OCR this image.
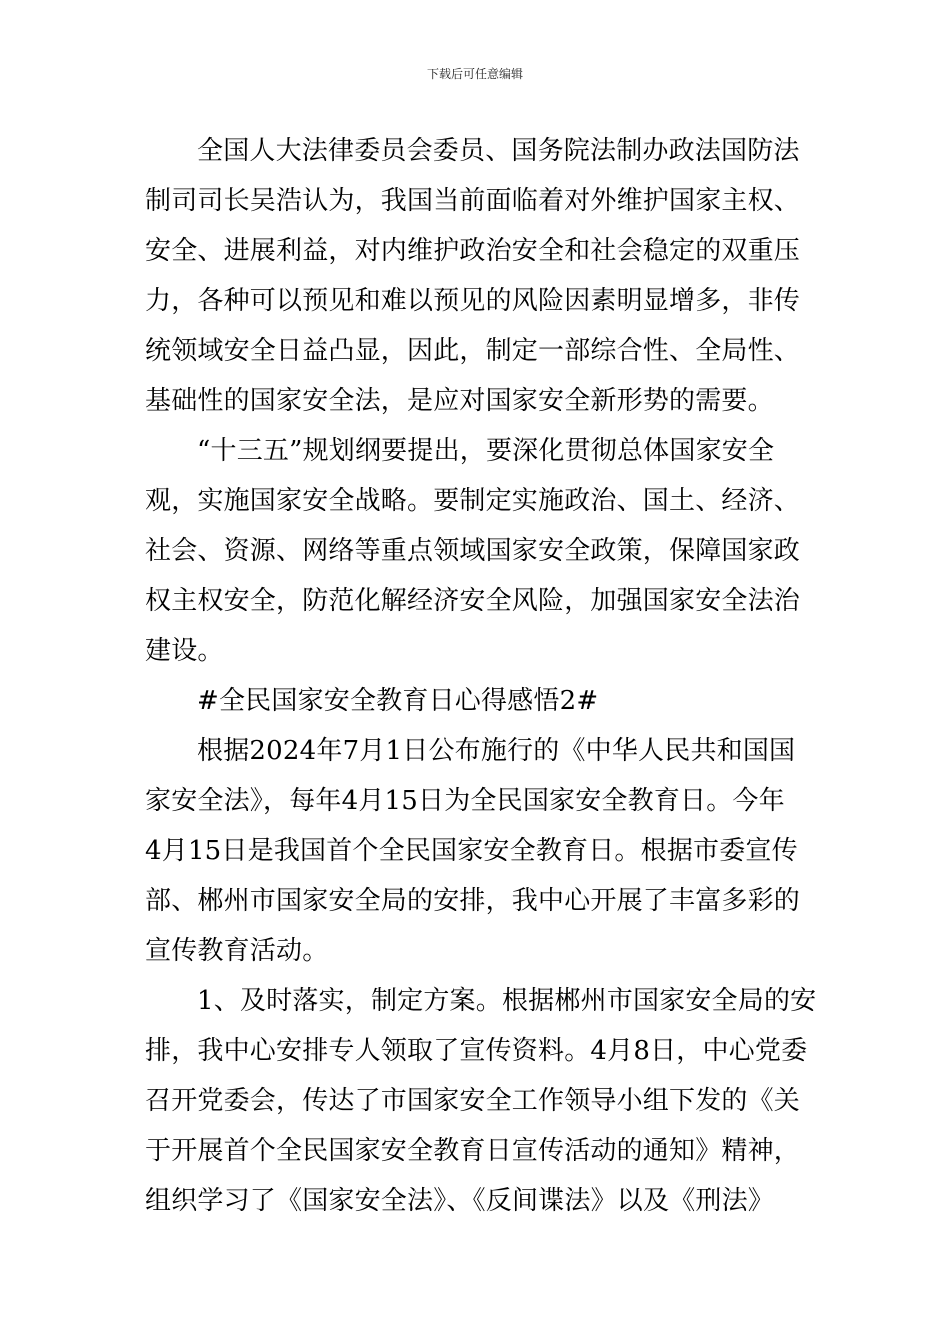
下载后可任意编辑
全国人大法律委员会委员、国务院法制办政法国防法
制司司长吴浩认为，我国当前面临着对外维护国家主权、
安全、进展利益，对内维护政治安全和社会稳定的双重压
力，各种可以预见和难以预见的风险因素明显增多，非传
统领域安全日益凸显，因此，制定一部综合性、全局性、
基础性的国家安全法，是应对国家安全新形势的需要。
“十三五”规划纲要提出，要深化贯彻总体国家安全
观，实施国家安全战略。要制定实施政治、国土、经济、
社会、资源、网络等重点领域国家安全政策，保障国家政
权主权安全，防范化解经济安全风险，加强国家安全法治
建设。
#全民国家安全教育日心得感悟2#
根据2024年7月1日公布施行的《中华人民共和国国
家安全法》，每年4月15日为全民国家安全教育日。今年
4月15日是我国首个全民国家安全教育日。根据市委宣传
部、郴州市国家安全局的安排，我中心开展了丰富多彩的
宣传教育活动。
1、及时落实，制定方案。根据郴州市国家安全局的安
排，我中心安排专人领取了宣传资料。4月8日，中心党委
召开党委会，传达了市国家安全工作领导小组下发的《关
于开展首个全民国家安全教育日宣传活动的通知》精神，
组织学习了《国家安全法》、《反间谍法》以及《刑法》
